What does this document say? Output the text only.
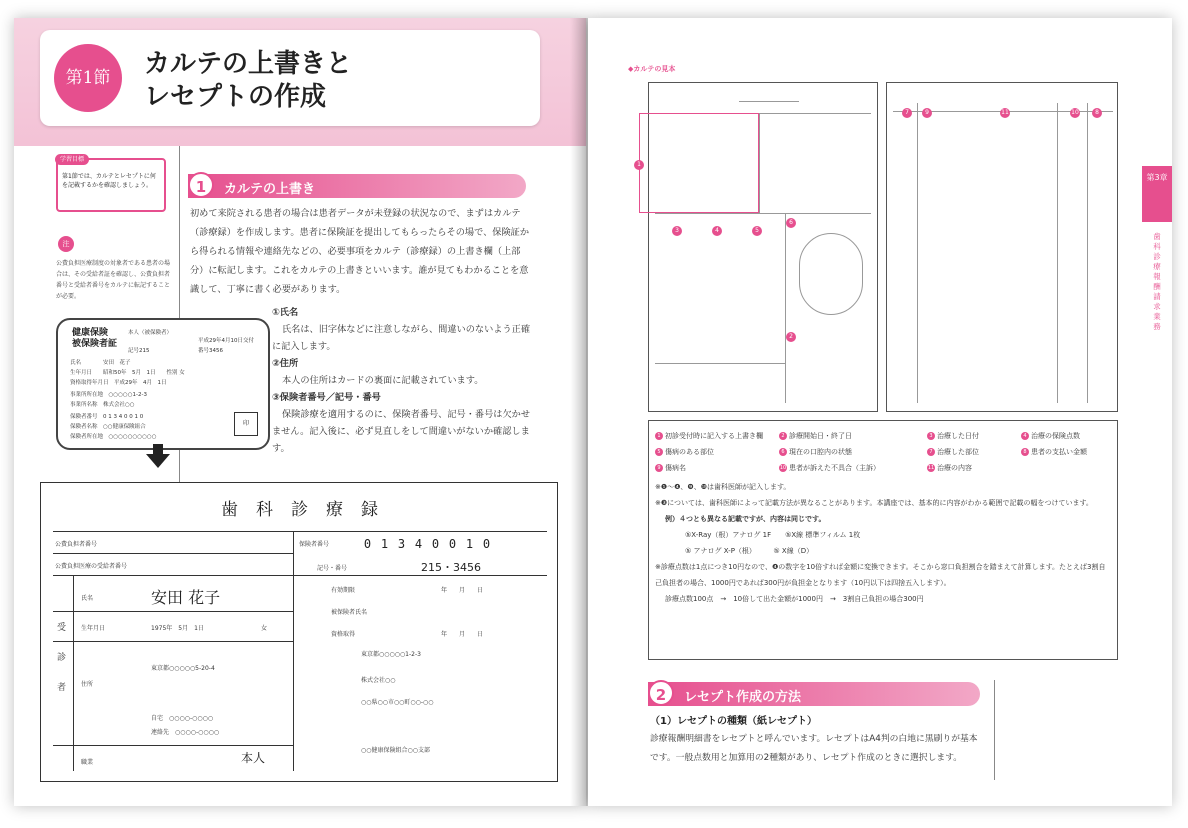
第1節	カルテの上書きと
レセプトの作成
学習目標
第1節では、カルテとレセプトに何を記載するかを確認しましょう。
注
公費負担医療制度の対象者である患者の場合は、その受給者証を確認し、公費負担者番号と受給者番号をカルテに転記することが必要。
1	カルテの上書き
初めて来院される患者の場合は患者データが未登録の状況なので、まずはカルテ（診療録）を作成します。患者に保険証を提出してもらったらその場で、保険証から得られる情報や連絡先などの、必要事項をカルテ（診療録）の上書き欄（上部分）に転記します。これをカルテの上書きといいます。誰が見てもわかることを意識して、丁寧に書く必要があります。
①氏名
氏名は、旧字体などに注意しながら、間違いのないよう正確に記入します。
②住所
本人の住所はカードの裏面に記載されています。
③保険者番号／記号・番号
保険診療を適用するのに、保険者番号、記号・番号は欠かせません。記入後に、必ず見直しをして間違いがないか確認します。
健康保険
被保険者証
本人（被保険者）
平成29年4月10日交付
番号3456
記号215
氏名　　　　安田　花子
生年月日　　昭和50年　5月　1日　　性別 女
資格取得年月日　平成29年　4月　1日
事業所所在地　○○○○○1-2-3
事業所名称　株式会社○○
保険者番号　0 1 3 4 0 0 1 0
保険者名称　○○健康保険組合
保険者所在地　○○○○○○○○○○
印
歯科診療録
公費負担者番号
公費負担医療の受給者番号
保険者番号	0 1 3 4 0 0 1 0
記号・番号	215・3456
有効期限	年　　月　　日
被保険者氏名
資格取得	年　　月　　日
東京都○○○○○1-2-3
株式会社○○
○○県○○市○○町○○-○○
○○健康保険組合○○支部
受診者
氏名	安田 花子
生年月日	1975年　5月　1日	女
住所
東京都○○○○○5-20-4
自宅　○○○○-○○○○
連絡先　○○○○-○○○○
職業	本人
◆カルテの見本
1
3	4	5
6
2
7	9	11	10	8
1 初診受付時に記入する上書き欄	2 診療開始日・終了日	3 治療した日付	4 治療の保険点数
5 傷病のある部位	6 現在の口腔内の状態	7 治療した部位	8 患者の支払い金額
9 傷病名	10 患者が訴えた不具合（主訴）	11 治療の内容
※❶～❹、❾、❿は歯科医師が記入します。
※❸については、歯科医師によって記載方法が異なることがあります。本講座では、基本的に内容がわかる範囲で記載の幅をつけています。
例）４つとも異なる記載ですが、内容は同じです。
⑤X-Ray（根）アナログ 1F　　⑤X線 標準フィルム 1枚
⑤ アナログ X-P（根）　　　⑤ X線（D）
※診療点数は1点につき10円なので、❹の数字を10倍すれば金額に変換できます。そこから窓口負担割合を踏まえて計算します。たとえば3割自己負担者の場合、1000円であれば300円が負担金となります（10円以下は四捨五入します）。
診療点数100点　→　10倍して出た金額が1000円　→　3割自己負担の場合300円
2	レセプト作成の方法
（1）レセプトの種類（紙レセプト）
診療報酬明細書をレセプトと呼んでいます。レセプトはA4判の白地に黒刷りが基本です。一般点数用と加算用の2種類があり、レセプト作成のときに選択します。
第3章
歯科診療報酬請求業務
